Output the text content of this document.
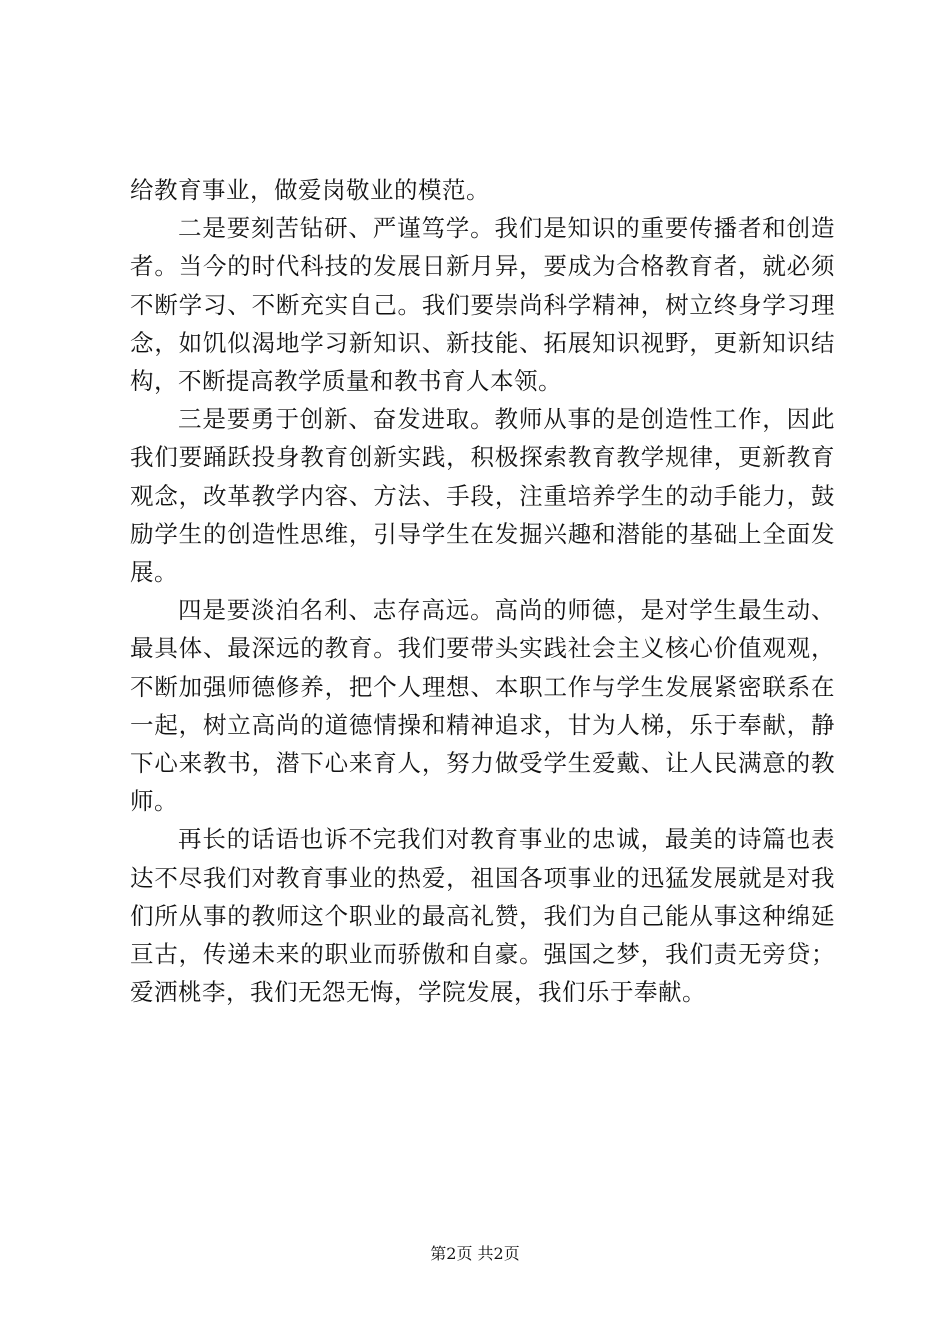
给教育事业，做爱岗敬业的模范。

二是要刻苦钻研、严谨笃学。我们是知识的重要传播者和创造者。当今的时代科技的发展日新月异，要成为合格教育者，就必须不断学习、不断充实自己。我们要崇尚科学精神，树立终身学习理念，如饥似渴地学习新知识、新技能、拓展知识视野，更新知识结构，不断提高教学质量和教书育人本领。

三是要勇于创新、奋发进取。教师从事的是创造性工作，因此我们要踊跃投身教育创新实践，积极探索教育教学规律，更新教育观念，改革教学内容、方法、手段，注重培养学生的动手能力，鼓励学生的创造性思维，引导学生在发掘兴趣和潜能的基础上全面发展。

四是要淡泊名利、志存高远。高尚的师德，是对学生最生动、最具体、最深远的教育。我们要带头实践社会主义核心价值观观，不断加强师德修养，把个人理想、本职工作与学生发展紧密联系在一起，树立高尚的道德情操和精神追求，甘为人梯，乐于奉献，静下心来教书，潜下心来育人，努力做受学生爱戴、让人民满意的教师。

再长的话语也诉不完我们对教育事业的忠诚，最美的诗篇也表达不尽我们对教育事业的热爱，祖国各项事业的迅猛发展就是对我们所从事的教师这个职业的最高礼赞，我们为自己能从事这种绵延亘古，传递未来的职业而骄傲和自豪。强国之梦，我们责无旁贷；爱洒桃李，我们无怨无悔，学院发展，我们乐于奉献。

第2页 共2页
